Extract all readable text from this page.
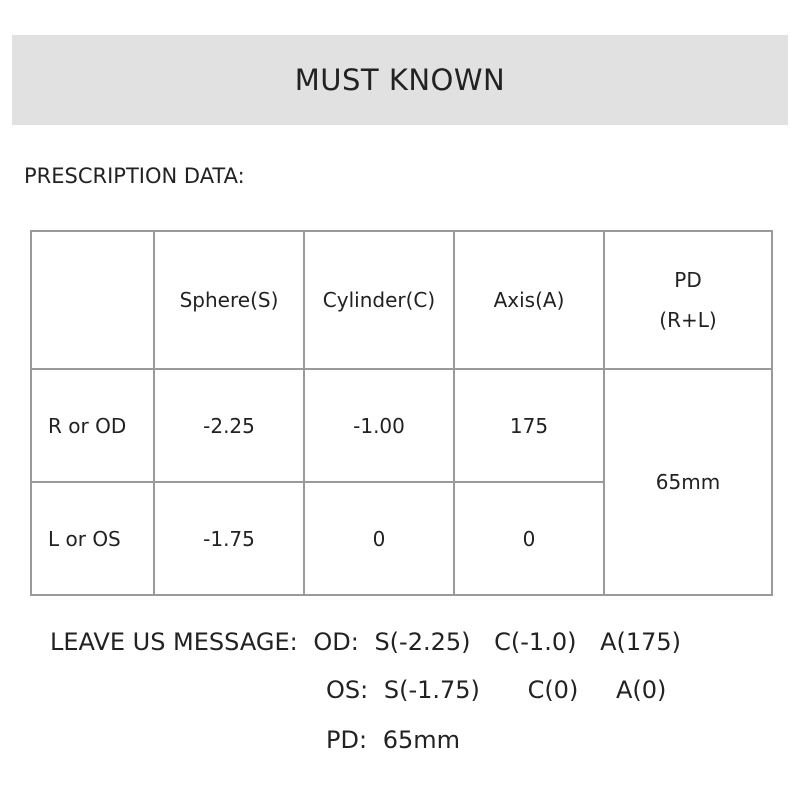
MUST KNOWN
PRESCRIPTION DATA:
	Sphere(S)	Cylinder(C)	Axis(A)	PD
(R+L)
R or OD	-2.25	-1.00	175	65mm
L or OS	-1.75	0	0	
LEAVE US MESSAGE: OD: S(-2.25) C(-1.0) A(175)
OS: S(-1.75) C(0) A(0)
PD: 65mm
